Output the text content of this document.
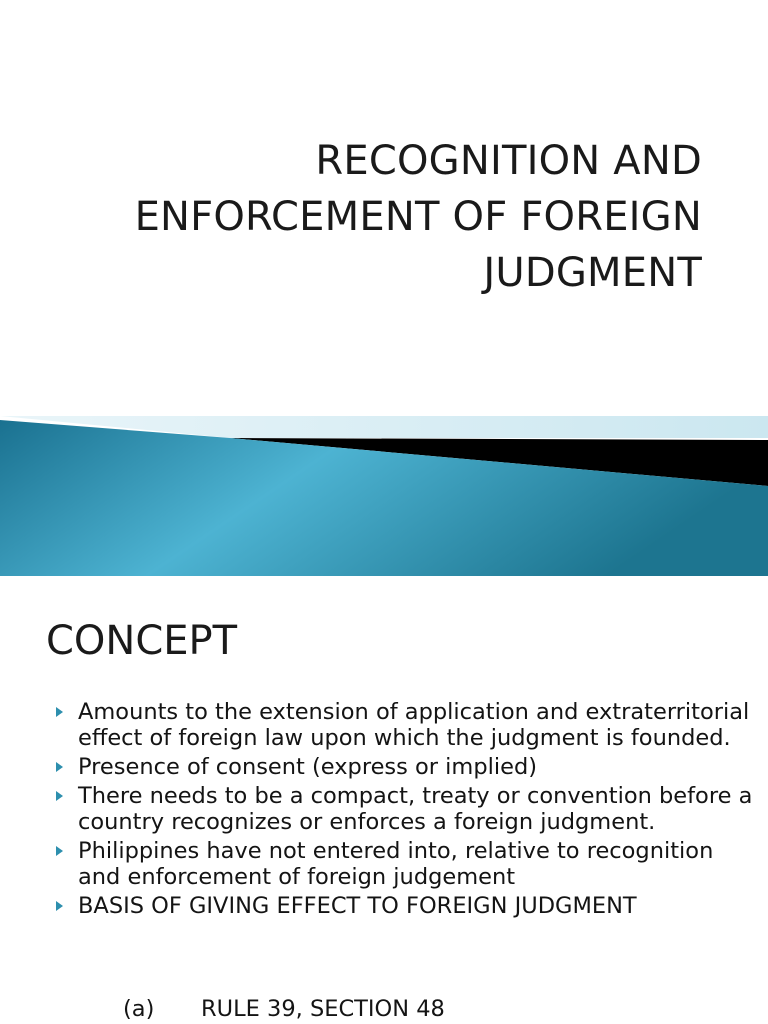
RECOGNITION AND
ENFORCEMENT OF FOREIGN
JUDGMENT
CONCEPT
Amounts to the extension of application and extraterritorial effect of foreign law upon which the judgment is founded.
Presence of consent (express or implied)
There needs to be a compact, treaty or convention before a country recognizes or enforces a foreign judgment.
Philippines have not entered into, relative to recognition and enforcement of foreign judgement
BASIS OF GIVING EFFECT TO FOREIGN JUDGMENT
(a) RULE 39, SECTION 48
